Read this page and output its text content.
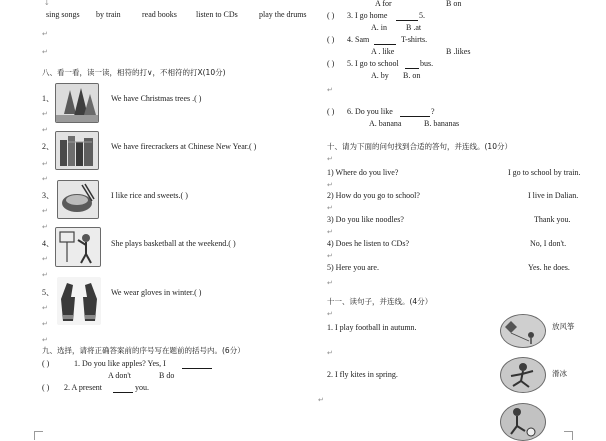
↓
sing songs by train	read books listen to CDs	play the drums
↵
↵
八、看一看，读一读，相符的打∨，不相符的打X(10分)
1、	We have Christmas trees .( )
↵
↵
2、	We have firecrackers at Chinese New Year.( )
↵
↵
3、	I like rice and sweets.( )
↵
↵
4、	She plays basketball at the weekend.( )
↵
↵
5、	We wear gloves in winter.( )
↵
↵
↵
九、选择，请将正确答案前的序号写在题前的括号内。(6分）
( )	1. Do you like apples? Yes, I
A don't	B do
( ) 2. A present	you.
A for	B on
( ) 3. I go home	5.
A. in B .at
( ) 4. Sam	T-shirts.
A . like	B .likes
( ) 5. I go to school	bus.
A. by B. on
↵
( ) 6. Do you like	?
A. banana	B. bananas
十、请为下面的问句找到合适的答句，并连线。(10分）
↵
1) Where do you live?	I go to school by train.
↵
2) How do you go to school?	I live in Dalian.
↵
3) Do you like noodles?	Thank you.
↵
4) Does he listen to CDs?	No, I don't.
↵
5) Here you are.	Yes. he does.
↵
十一、读句子，并连线。(4分）
↵
1. I play football in autumn.	放风筝
↵
2. I fly kites in spring.	滑冰
↵
